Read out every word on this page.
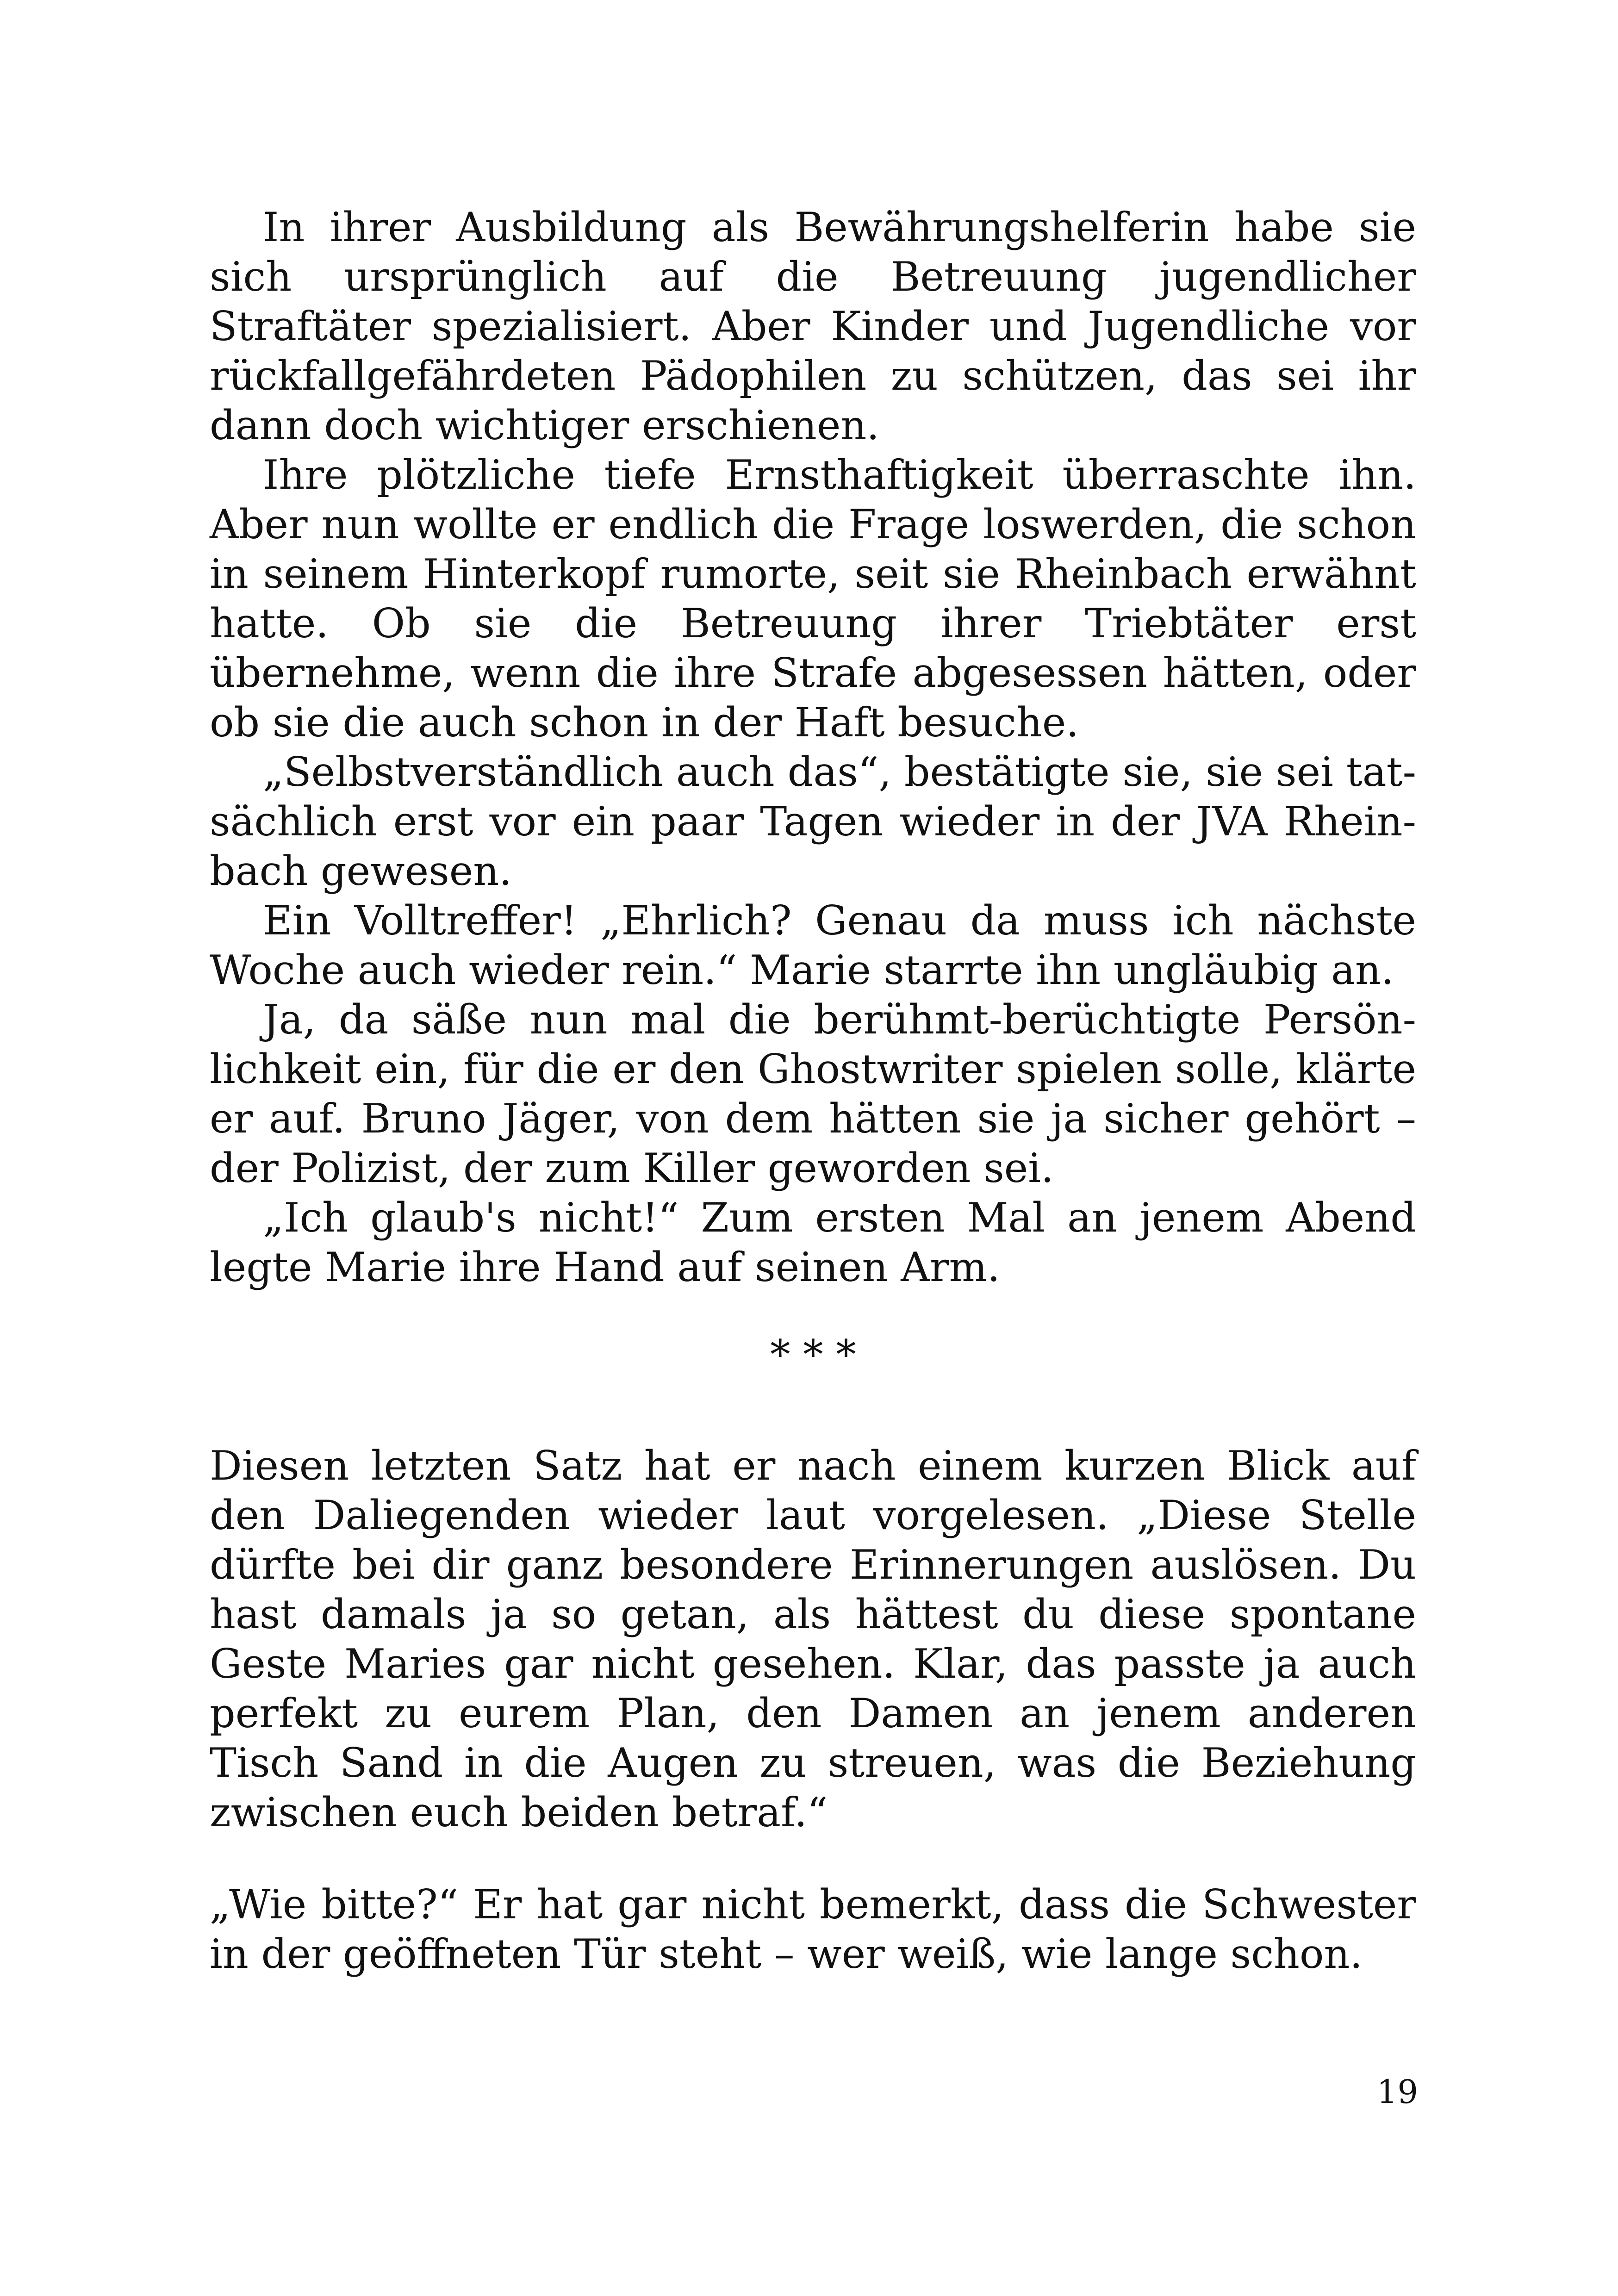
In ihrer Ausbildung als Bewährungshelferin habe sie sich ursprünglich auf die Betreuung jugendlicher Straftäter spezialisiert. Aber Kinder und Jugendliche vor rückfallgefährdeten Pädophilen zu schützen, das sei ihr dann doch wichtiger erschienen.

Ihre plötzliche tiefe Ernsthaftigkeit überraschte ihn. Aber nun wollte er endlich die Frage loswerden, die schon in seinem Hinterkopf rumorte, seit sie Rheinbach erwähnt hatte. Ob sie die Betreuung ihrer Triebtäter erst übernehme, wenn die ihre Strafe abgesessen hätten, oder ob sie die auch schon in der Haft besuche.

„Selbstverständlich auch das“, bestätigte sie, sie sei tatsächlich erst vor ein paar Tagen wieder in der JVA Rheinbach gewesen.

Ein Volltreffer! „Ehrlich? Genau da muss ich nächste Woche auch wieder rein.“ Marie starrte ihn ungläubig an.

Ja, da säße nun mal die berühmt-berüchtigte Persönlichkeit ein, für die er den Ghostwriter spielen solle, klärte er auf. Bruno Jäger, von dem hätten sie ja sicher gehört – der Polizist, der zum Killer geworden sei.

„Ich glaub's nicht!“ Zum ersten Mal an jenem Abend legte Marie ihre Hand auf seinen Arm.

* * *

Diesen letzten Satz hat er nach einem kurzen Blick auf den Daliegenden wieder laut vorgelesen. „Diese Stelle dürfte bei dir ganz besondere Erinnerungen auslösen. Du hast damals ja so getan, als hättest du diese spontane Geste Maries gar nicht gesehen. Klar, das passte ja auch perfekt zu eurem Plan, den Damen an jenem anderen Tisch Sand in die Augen zu streuen, was die Beziehung zwischen euch beiden betraf.“

„Wie bitte?“ Er hat gar nicht bemerkt, dass die Schwester in der geöffneten Tür steht – wer weiß, wie lange schon.

19
